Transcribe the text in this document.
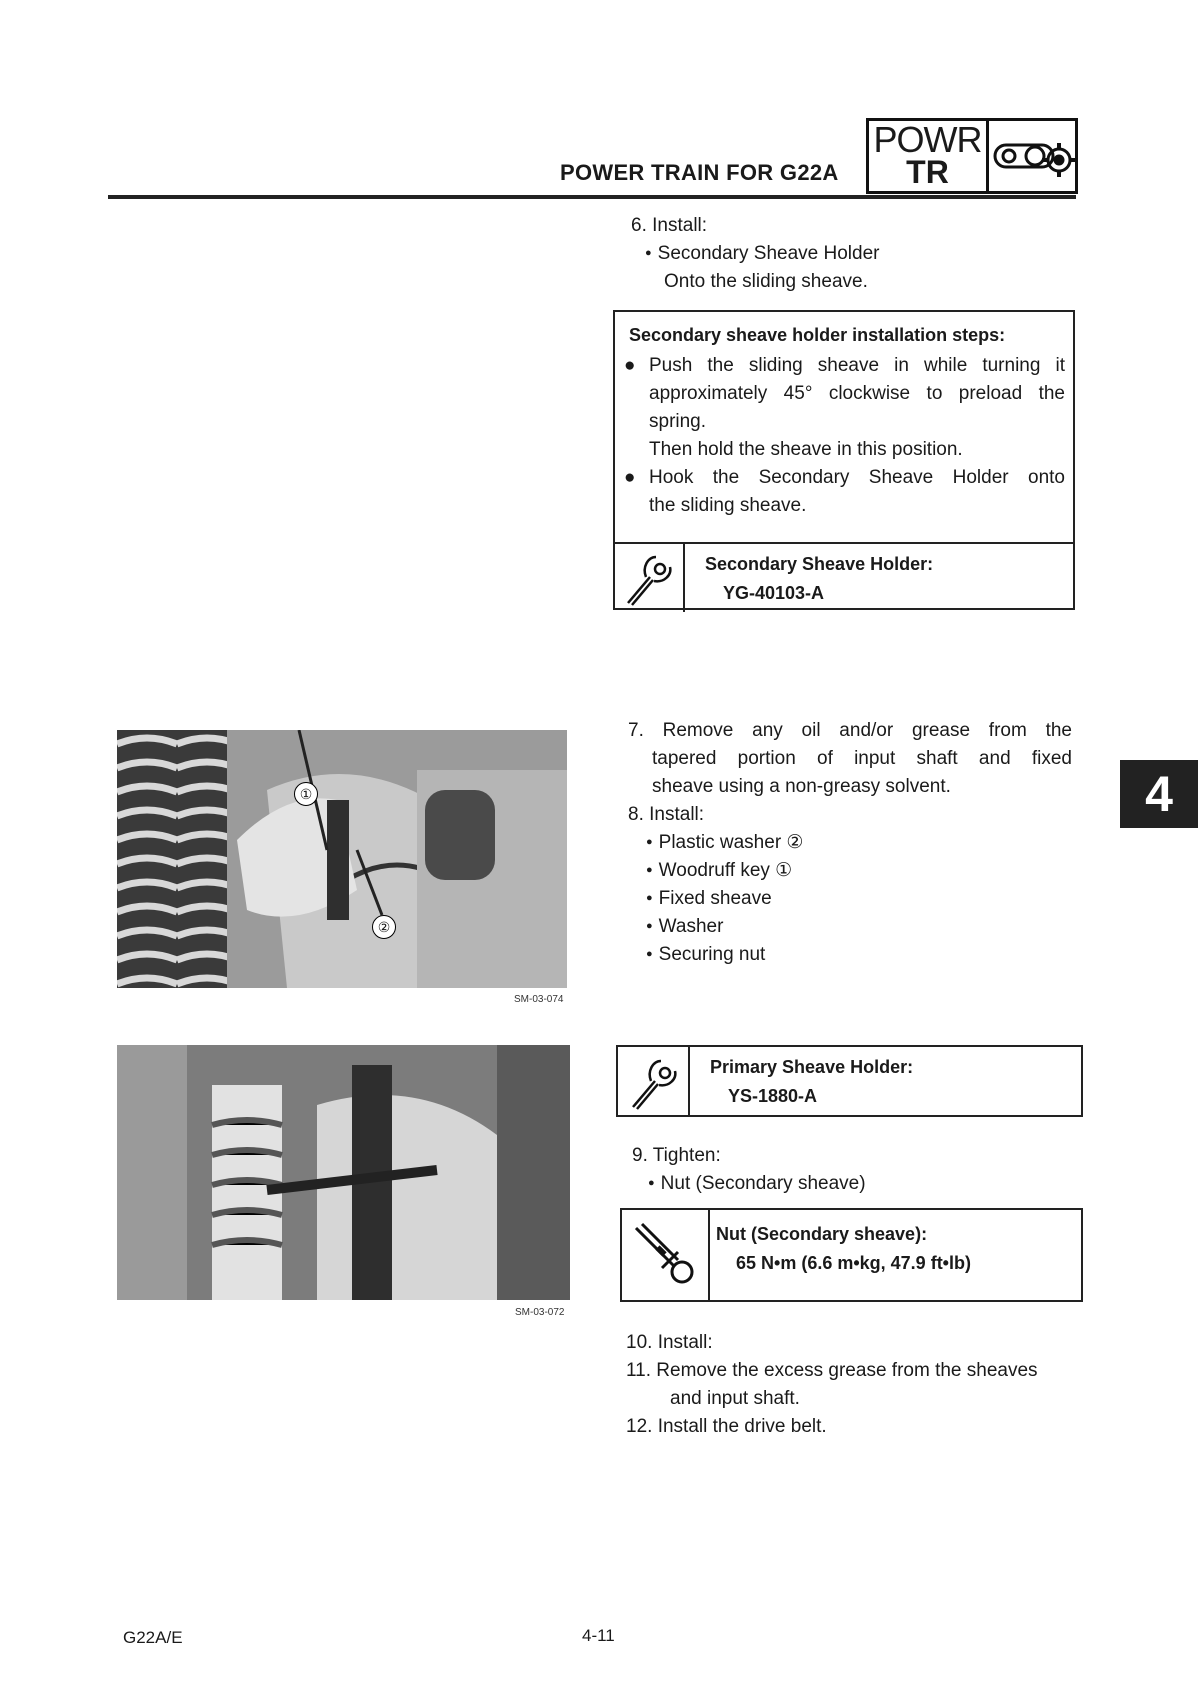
POWER TRAIN FOR G22A
POWR
TR
6. Install:
● Secondary Sheave Holder
Onto the sliding sheave.
Secondary sheave holder installation steps:
● Push the sliding sheave in while turning it
approximately 45° clockwise to preload the
spring.
Then hold the sheave in this position.
● Hook the Secondary Sheave Holder onto
the sliding sheave.
Secondary Sheave Holder:
YG-40103-A
①
②
SM-03-074
SM-03-072
7. Remove any oil and/or grease from the
tapered portion of input shaft and fixed
sheave using a non-greasy solvent.
8. Install:
● Plastic washer ②
● Woodruff key ①
● Fixed sheave
● Washer
● Securing nut
4
Primary Sheave Holder:
YS-1880-A
9. Tighten:
● Nut (Secondary sheave)
Nut (Secondary sheave):
65 N•m (6.6 m•kg, 47.9 ft•lb)
10. Install:
11. Remove the excess grease from the sheaves
and input shaft.
12. Install the drive belt.
G22A/E	4-11
